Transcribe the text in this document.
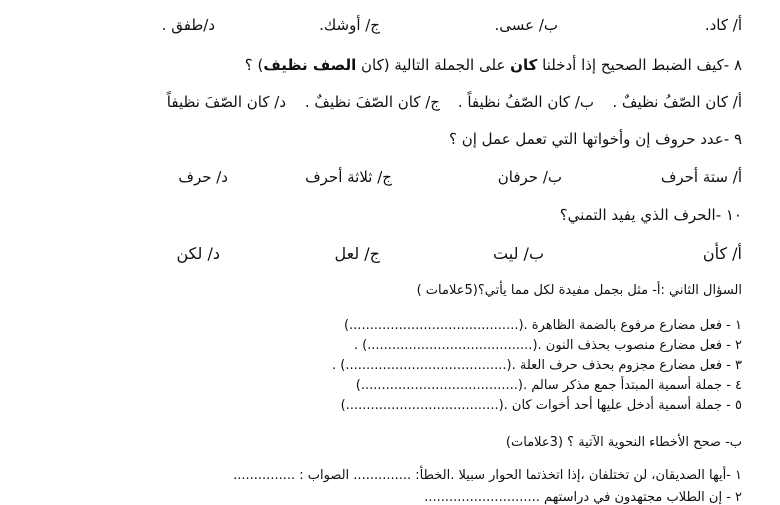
أ/ كاد.
ب/ عسى.
ج/ أوشك.
د/طفق .
٨ -كيف الضبط الصحيح إذا أدخلنا كان على الجملة التالية (كان الصف نظيف) ؟
أ/ كان الصّفُ نظيفٌ .
ب/ كان الصّفُ نظيفاً .
ج/ كان الصّفَ نظيفٌ .
د/ كان الصّفَ نظيفاً
٩ -عدد حروف إن وأخواتها التي تعمل عمل إن ؟
أ/ ستة أحرف
ب/ حرفان
ج/ ثلاثة أحرف
د/ حرف
١٠ -الحرف الذي يفيد التمني؟
أ/ كأن
ب/ ليت
ج/ لعل
د/ لكن
السؤال الثاني :أ- مثل بجمل مفيدة لكل مما يأتي؟(5علامات )
١ - فعل مضارع مرفوع بالضمة الظاهرة .(.........................................)
٢ - فعل مضارع منصوب بحذف النون .(........................................) .
٣ - فعل مضارع مجزوم بحذف حرف العلة .(.......................................) .
٤ - جملة أسمية المبتدأ جمع مذكر سالم .(......................................)
٥ - جملة أسمية أدخل عليها أحد أخوات كان .(.....................................)
ب- صحح الأخطاء النحوية الآتية ؟ (3علامات)
١ -أيها الصديقان، لن تختلفان ،إذا اتخذتما الحوار سبيلا .الخطأ: .............. الصواب : ...............
٢ - إن الطلاب مجتهدون في دراستهم ............................
